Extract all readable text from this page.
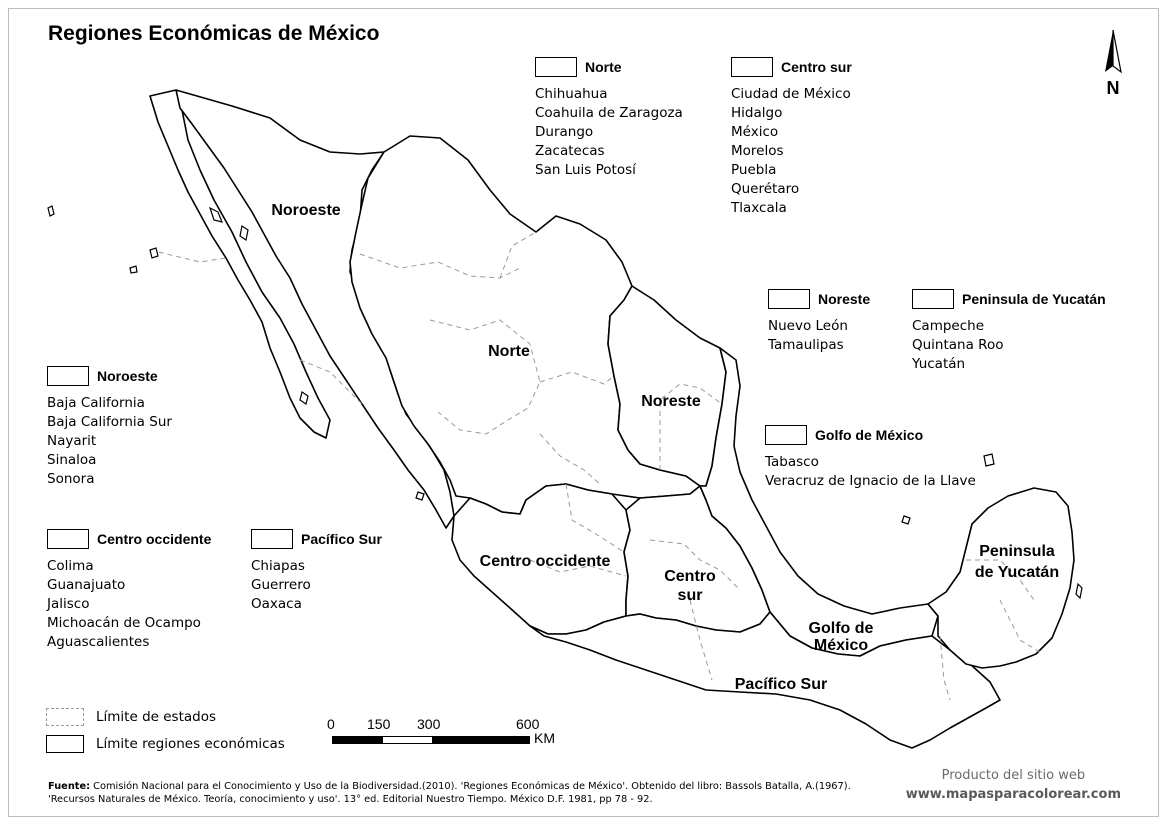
Regiones Económicas de México
Noroeste
Norte
Noreste
Centro occidente
Centro
sur
Golfo de
México
Pacífico Sur
Peninsula
de Yucatán
N
Norte
Chihuahua
Coahuila de Zaragoza
Durango
Zacatecas
San Luis Potosí
Centro sur
Ciudad de México
Hidalgo
México
Morelos
Puebla
Querétaro
Tlaxcala
Noreste
Nuevo León
Tamaulipas
Peninsula de Yucatán
Campeche
Quintana Roo
Yucatán
Golfo de México
Tabasco
Veracruz de Ignacio de la Llave
Noroeste
Baja California
Baja California Sur
Nayarit
Sinaloa
Sonora
Centro occidente
Colima
Guanajuato
Jalisco
Michoacán de Ocampo
Aguascalientes
Pacífico Sur
Chiapas
Guerrero
Oaxaca
Límite de estados
Límite regiones económicas
0 150 300	600
KM
Fuente: Comisión Nacional para el Conocimiento y Uso de la Biodiversidad.(2010). 'Regiones Económicas de México'. Obtenido del libro: Bassols Batalla, A.(1967).
'Recursos Naturales de México. Teoría, conocimiento y uso'. 13° ed. Editorial Nuestro Tiempo. México D.F. 1981, pp 78 - 92.
Producto del sitio web
www.mapasparacolorear.com
